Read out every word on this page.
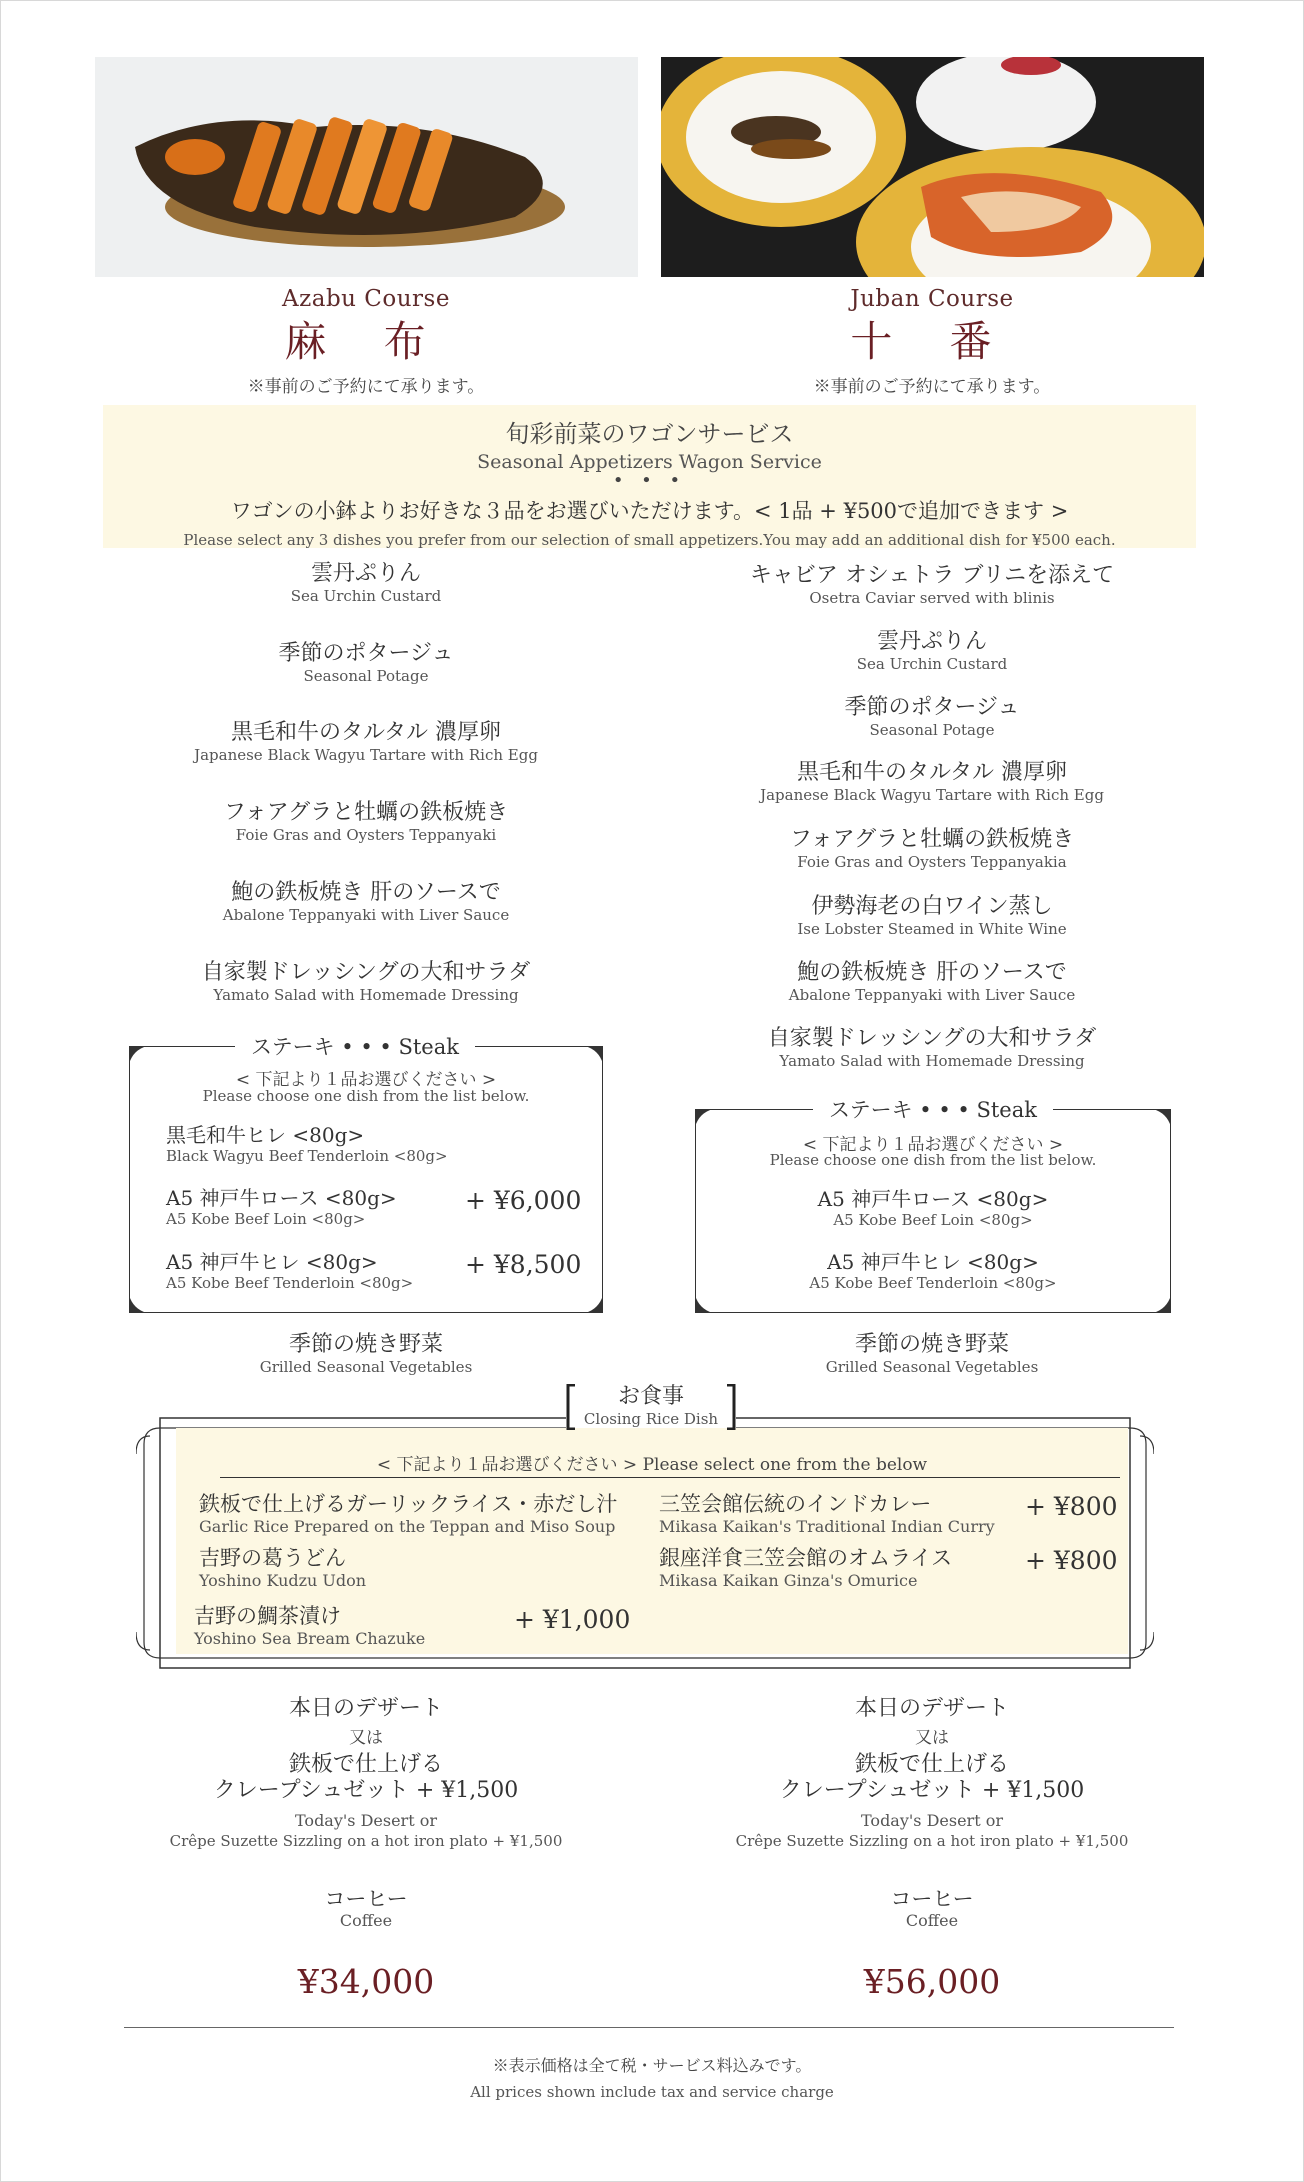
Azabu Course
麻 布
※事前のご予約にて承ります。
Juban Course
十 番
※事前のご予約にて承ります。
旬彩前菜のワゴンサービス
Seasonal Appetizers Wagon Service
• • •
ワゴンの小鉢よりお好きな３品をお選びいただけます。< 1品 + ¥500で追加できます >
Please select any 3 dishes you prefer from our selection of small appetizers.You may add an additional dish for ¥500 each.
雲丹ぷりん
Sea Urchin Custard
季節のポタージュ
Seasonal Potage
黒毛和牛のタルタル 濃厚卵
Japanese Black Wagyu Tartare with Rich Egg
フォアグラと牡蠣の鉄板焼き
Foie Gras and Oysters Teppanyaki
鮑の鉄板焼き 肝のソースで
Abalone Teppanyaki with Liver Sauce
自家製ドレッシングの大和サラダ
Yamato Salad with Homemade Dressing
キャビア オシェトラ ブリニを添えて
Osetra Caviar served with blinis
雲丹ぷりん
Sea Urchin Custard
季節のポタージュ
Seasonal Potage
黒毛和牛のタルタル 濃厚卵
Japanese Black Wagyu Tartare with Rich Egg
フォアグラと牡蠣の鉄板焼き
Foie Gras and Oysters Teppanyakia
伊勢海老の白ワイン蒸し
Ise Lobster Steamed in White Wine
鮑の鉄板焼き 肝のソースで
Abalone Teppanyaki with Liver Sauce
自家製ドレッシングの大和サラダ
Yamato Salad with Homemade Dressing
ステーキ • • • Steak
< 下記より１品お選びください >
Please choose one dish from the list below.
黒毛和牛ヒレ <80g>
Black Wagyu Beef Tenderloin <80g>
A5 神戸牛ロース <80g>
A5 Kobe Beef Loin <80g>
+ ¥6,000
A5 神戸牛ヒレ <80g>
A5 Kobe Beef Tenderloin <80g>
+ ¥8,500
ステーキ • • • Steak
< 下記より１品お選びください >
Please choose one dish from the list below.
A5 神戸牛ロース <80g>
A5 Kobe Beef Loin <80g>
A5 神戸牛ヒレ <80g>
A5 Kobe Beef Tenderloin <80g>
季節の焼き野菜
Grilled Seasonal Vegetables
季節の焼き野菜
Grilled Seasonal Vegetables
お食事
Closing Rice Dish
< 下記より１品お選びください > Please select one from the below
鉄板で仕上げるガーリックライス・赤だし汁
Garlic Rice Prepared on the Teppan and Miso Soup
吉野の葛うどん
Yoshino Kudzu Udon
吉野の鯛茶漬け
Yoshino Sea Bream Chazuke
+ ¥1,000
三笠会館伝統のインドカレー
Mikasa Kaikan's Traditional Indian Curry
+ ¥800
銀座洋食三笠会館のオムライス
Mikasa Kaikan Ginza's Omurice
+ ¥800
本日のデザート
又は
鉄板で仕上げる
クレープシュゼット + ¥1,500
Today's Desert or
Crêpe Suzette Sizzling on a hot iron plato + ¥1,500
本日のデザート
又は
鉄板で仕上げる
クレープシュゼット + ¥1,500
Today's Desert or
Crêpe Suzette Sizzling on a hot iron plato + ¥1,500
コーヒー
Coffee
コーヒー
Coffee
¥34,000	¥56,000
※表示価格は全て税・サービス料込みです。
All prices shown include tax and service charge
